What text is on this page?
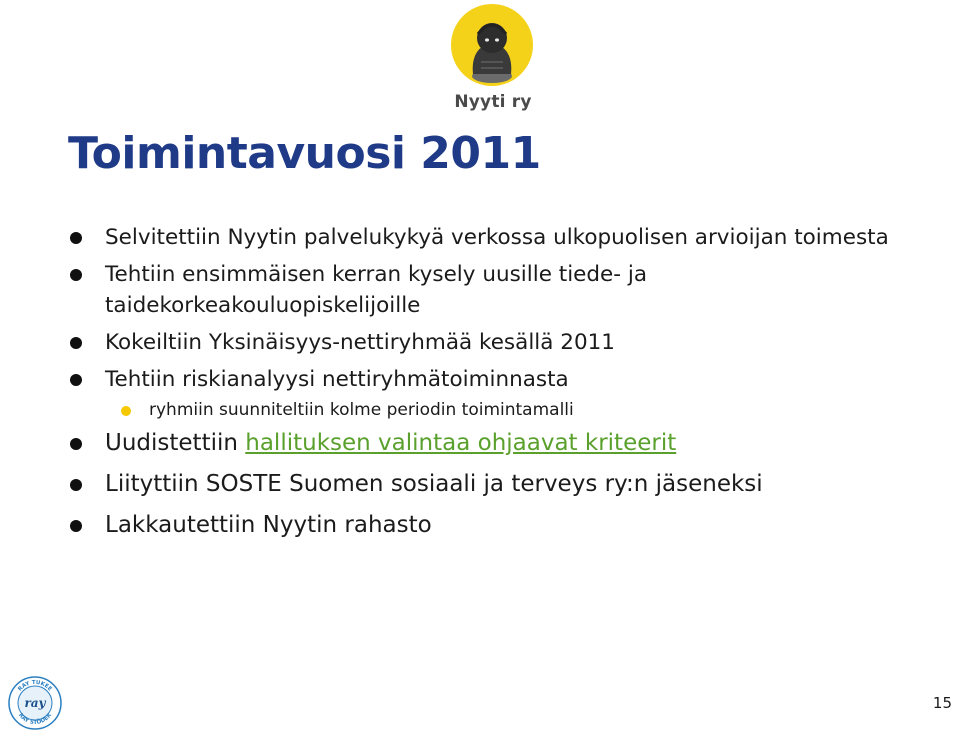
Nyyti ry
Toimintavuosi 2011
Selvitettiin Nyytin palvelukykyä verkossa ulkopuolisen arvioijan toimesta
Tehtiin ensimmäisen kerran kysely uusille tiede- ja taidekorkeakouluopiskelijoille
Kokeiltiin Yksinäisyys-nettiryhmää kesällä 2011
Tehtiin riskianalyysi nettiryhmätoiminnasta
ryhmiin suunniteltiin kolme periodin toimintamalli
Uudistettiin hallituksen valintaa ohjaavat kriteerit
Liityttiin SOSTE Suomen sosiaali ja terveys ry:n jäseneksi
Lakkautettiin Nyytin rahasto
RAY TUKEE
RAY STÖDER
ray	15
